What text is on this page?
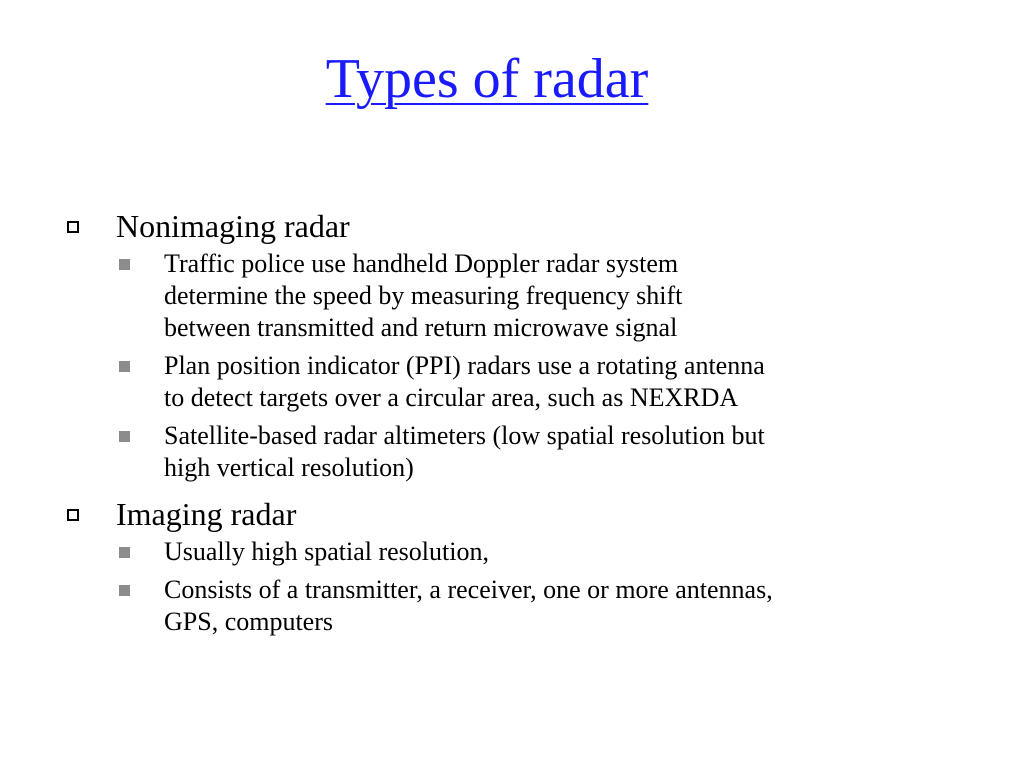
Types of radar
Nonimaging radar
Traffic police use handheld Doppler radar system
determine the speed by measuring frequency shift
between transmitted and return microwave signal
Plan position indicator (PPI) radars use a rotating antenna
to detect targets over a circular area, such as NEXRDA
Satellite-based radar altimeters (low spatial resolution but
high vertical resolution)
Imaging radar
Usually high spatial resolution,
Consists of a transmitter, a receiver, one or more antennas,
GPS, computers
